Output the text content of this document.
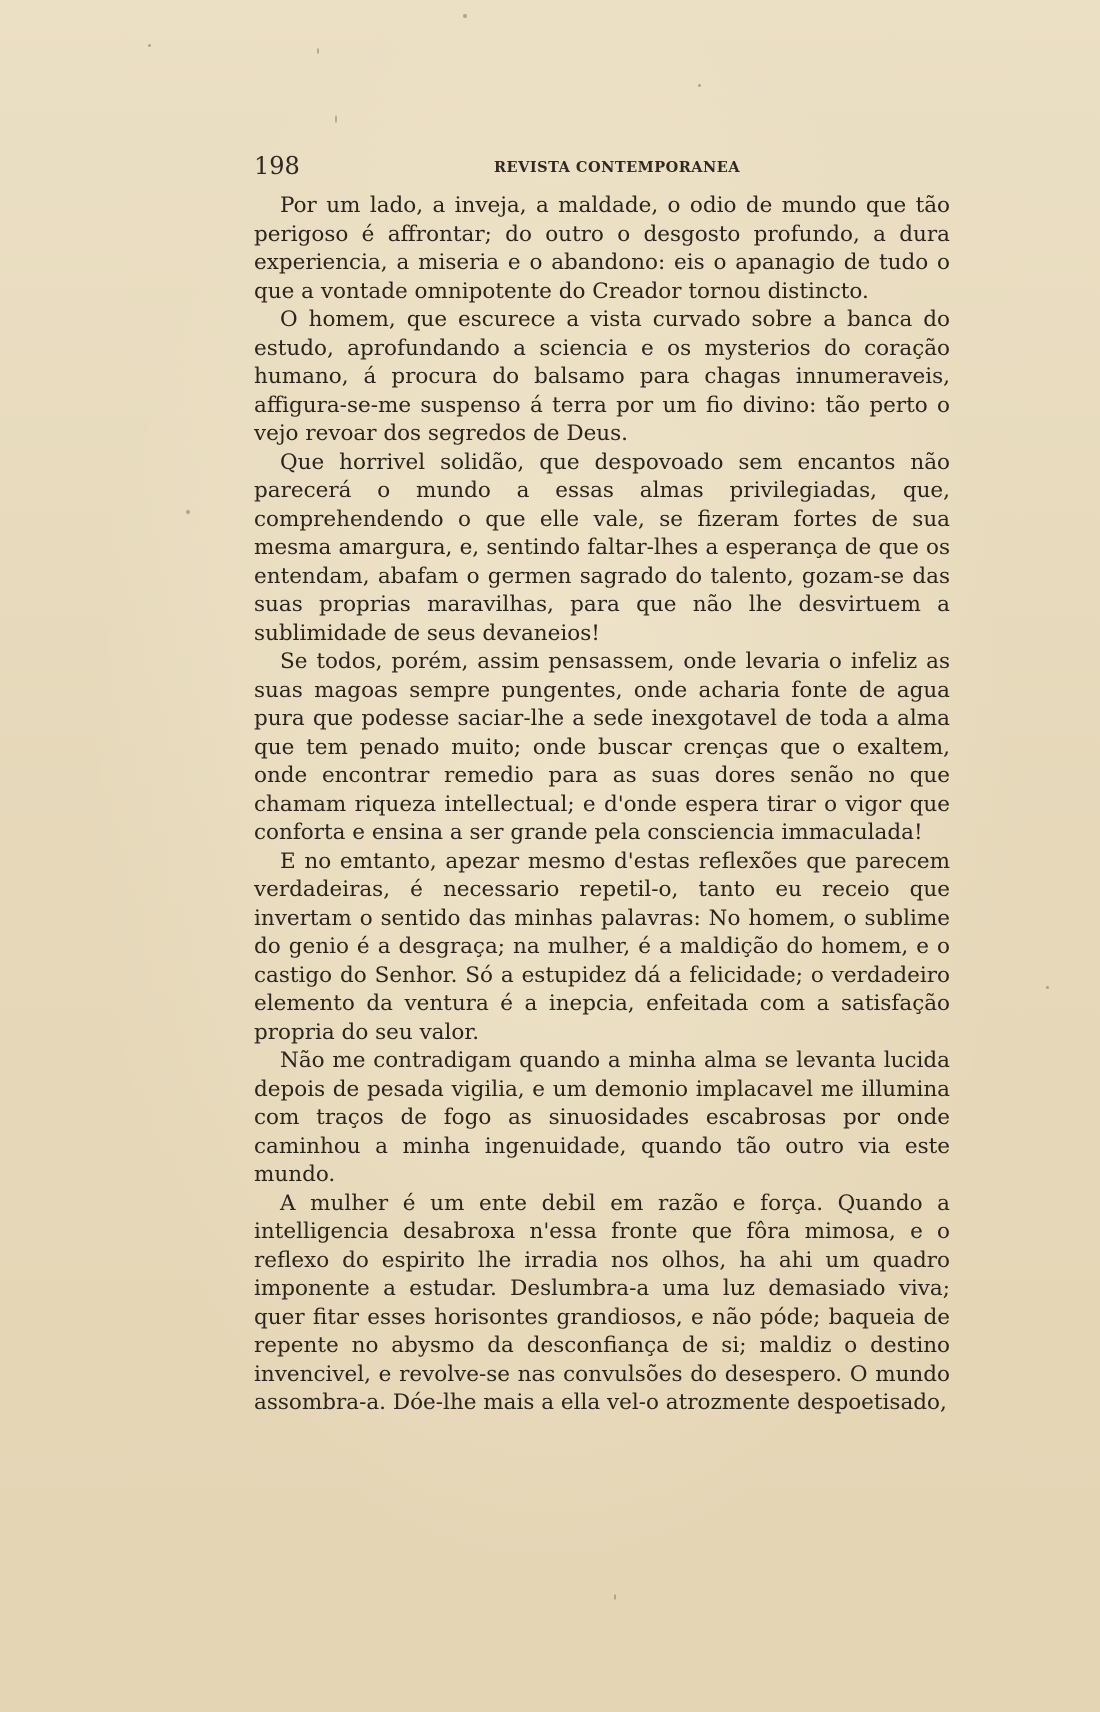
198	REVISTA CONTEMPORANEA

Por um lado, a inveja, a maldade, o odio de mundo que tão perigoso é affrontar; do outro o desgosto profundo, a dura experiencia, a miseria e o abandono: eis o apanagio de tudo o que a vontade omnipotente do Creador tornou distincto.

O homem, que escurece a vista curvado sobre a banca do estudo, aprofundando a sciencia e os mysterios do coração humano, á procura do balsamo para chagas innumeraveis, affigura-se-me suspenso á terra por um fio divino: tão perto o vejo revoar dos segredos de Deus.

Que horrivel solidão, que despovoado sem encantos não parecerá o mundo a essas almas privilegiadas, que, comprehendendo o que elle vale, se fizeram fortes de sua mesma amargura, e, sentindo faltar-lhes a esperança de que os entendam, abafam o germen sagrado do talento, gozam-se das suas proprias maravilhas, para que não lhe desvirtuem a sublimidade de seus devaneios!

Se todos, porém, assim pensassem, onde levaria o infeliz as suas magoas sempre pungentes, onde acharia fonte de agua pura que podesse saciar-lhe a sede inexgotavel de toda a alma que tem penado muito; onde buscar crenças que o exaltem, onde encontrar remedio para as suas dores senão no que chamam riqueza intellectual; e d'onde espera tirar o vigor que conforta e ensina a ser grande pela consciencia immaculada!

E no emtanto, apezar mesmo d'estas reflexões que parecem verdadeiras, é necessario repetil-o, tanto eu receio que invertam o sentido das minhas palavras: No homem, o sublime do genio é a desgraça; na mulher, é a maldição do homem, e o castigo do Senhor. Só a estupidez dá a felicidade; o verdadeiro elemento da ventura é a inepcia, enfeitada com a satisfação propria do seu valor.

Não me contradigam quando a minha alma se levanta lucida depois de pesada vigilia, e um demonio implacavel me illumina com traços de fogo as sinuosidades escabrosas por onde caminhou a minha ingenuidade, quando tão outro via este mundo.

A mulher é um ente debil em razão e força. Quando a intelligencia desabroxa n'essa fronte que fôra mimosa, e o reflexo do espirito lhe irradia nos olhos, ha ahi um quadro imponente a estudar. Deslumbra-a uma luz demasiado viva; quer fitar esses horisontes grandiosos, e não póde; baqueia de repente no abysmo da desconfiança de si; maldiz o destino invencivel, e revolve-se nas convulsões do desespero. O mundo assombra-a. Dóe-lhe mais a ella vel-o atrozmente despoetisado,
